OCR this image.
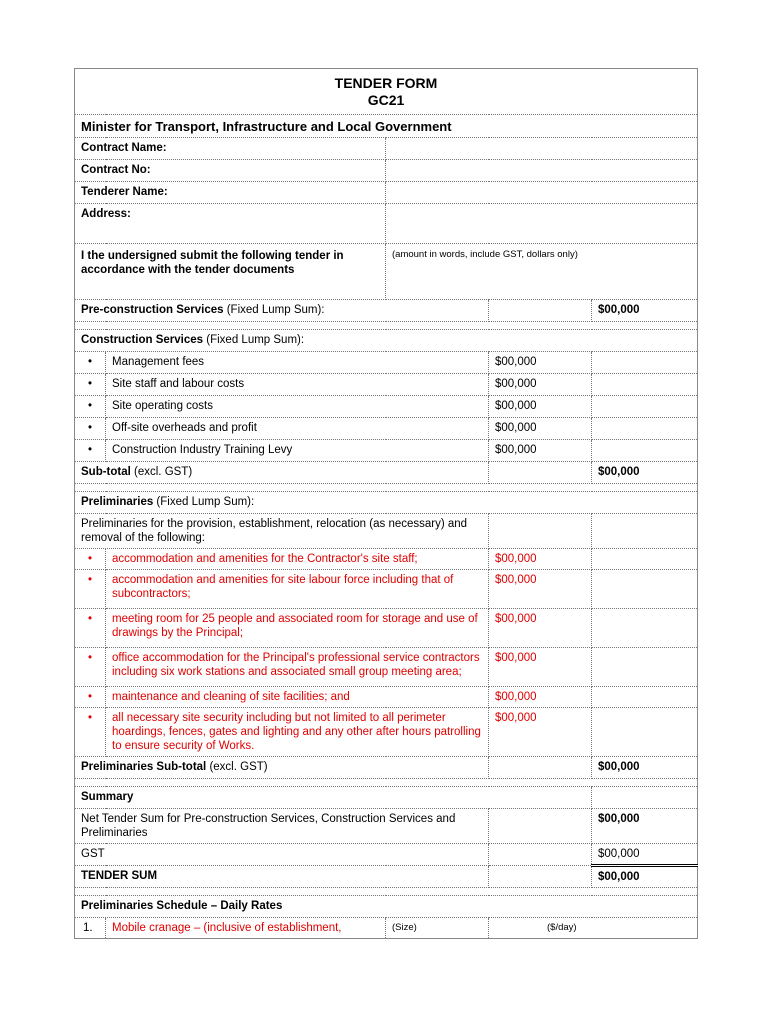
TENDER FORM
GC21				

Minister for Transport, Infrastructure and Local Government				
Contract Name:				
Contract No:				
Tenderer Name:				
Address:				
I the undersigned submit the following tender in accordance with the tender documents		(amount in words, include GST, dollars only)		
Pre-construction Services (Fixed Lump Sum):				$00,000

Construction Services (Fixed Lump Sum):				
•	Management fees		$00,000	
•	Site staff and labour costs		$00,000	
•	Site operating costs		$00,000	
•	Off-site overheads and profit		$00,000	
•	Construction Industry Training Levy		$00,000	
Sub-total (excl. GST)				$00,000

Preliminaries (Fixed Lump Sum):				
Preliminaries for the provision, establishment, relocation (as necessary) and removal of the following:				
•	accommodation and amenities for the Contractor's site staff;		$00,000	
•	accommodation and amenities for site labour force including that of subcontractors;		$00,000	
•	meeting room for 25 people and associated room for storage and use of drawings by the Principal;		$00,000	
•	office accommodation for the Principal's professional service contractors including six work stations and associated small group meeting area;		$00,000	
•	maintenance and cleaning of site facilities; and		$00,000	
•	all necessary site security including but not limited to all perimeter hoardings, fences, gates and lighting and any other after hours patrolling to ensure security of Works.		$00,000	
Preliminaries Sub-total (excl. GST)				$00,000

Summary				
Net Tender Sum for Pre-construction Services, Construction Services and Preliminaries				$00,000
GST				$00,000
TENDER SUM				$00,000

Preliminaries Schedule – Daily Rates				
1.	Mobile cranage – (inclusive of establishment,	(Size)	($/day)	
